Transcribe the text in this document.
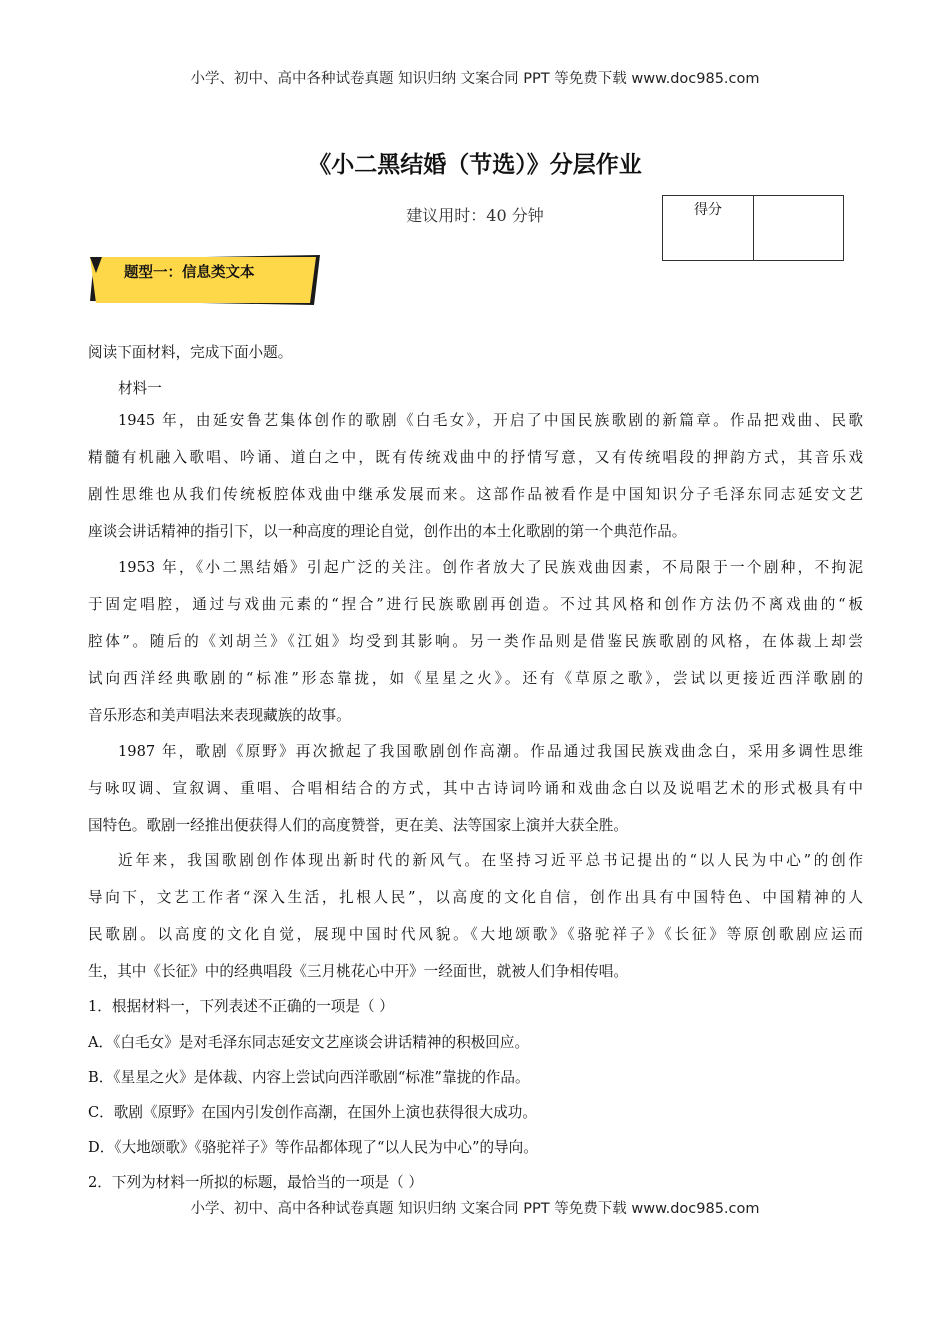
小学、初中、高中各种试卷真题 知识归纳 文案合同 PPT 等免费下载 www.doc985.com
《小二黑结婚（节选）》分层作业
建议用时：40 分钟	得分
题型一：信息类文本
阅读下面材料，完成下面小题。
材料一
1945 年，由延安鲁艺集体创作的歌剧《白毛女》，开启了中国民族歌剧的新篇章。作品把戏曲、民歌
精髓有机融入歌唱、吟诵、道白之中，既有传统戏曲中的抒情写意，又有传统唱段的押韵方式，其音乐戏
剧性思维也从我们传统板腔体戏曲中继承发展而来。这部作品被看作是中国知识分子毛泽东同志延安文艺
座谈会讲话精神的指引下，以一种高度的理论自觉，创作出的本土化歌剧的第一个典范作品。
1953 年，《小二黑结婚》引起广泛的关注。创作者放大了民族戏曲因素，不局限于一个剧种，不拘泥
于固定唱腔，通过与戏曲元素的“捏合”进行民族歌剧再创造。不过其风格和创作方法仍不离戏曲的“板
腔体”。随后的《刘胡兰》《江姐》均受到其影响。另一类作品则是借鉴民族歌剧的风格，在体裁上却尝
试向西洋经典歌剧的“标准”形态靠拢，如《星星之火》。还有《草原之歌》，尝试以更接近西洋歌剧的
音乐形态和美声唱法来表现藏族的故事。
1987 年，歌剧《原野》再次掀起了我国歌剧创作高潮。作品通过我国民族戏曲念白，采用多调性思维
与咏叹调、宣叙调、重唱、合唱相结合的方式，其中古诗词吟诵和戏曲念白以及说唱艺术的形式极具有中
国特色。歌剧一经推出便获得人们的高度赞誉，更在美、法等国家上演并大获全胜。
近年来，我国歌剧创作体现出新时代的新风气。在坚持习近平总书记提出的“以人民为中心”的创作
导向下，文艺工作者“深入生活，扎根人民”，以高度的文化自信，创作出具有中国特色、中国精神的人
民歌剧。以高度的文化自觉，展现中国时代风貌。《大地颂歌》《骆驼祥子》《长征》等原创歌剧应运而
生，其中《长征》中的经典唱段《三月桃花心中开》一经面世，就被人们争相传唱。
1．根据材料一，下列表述不正确的一项是（ ）
A．《白毛女》是对毛泽东同志延安文艺座谈会讲话精神的积极回应。
B．《星星之火》是体裁、内容上尝试向西洋歌剧“标准”靠拢的作品。
C．歌剧《原野》在国内引发创作高潮，在国外上演也获得很大成功。
D．《大地颂歌》《骆驼祥子》等作品都体现了“以人民为中心”的导向。
2．下列为材料一所拟的标题，最恰当的一项是（ ）
小学、初中、高中各种试卷真题 知识归纳 文案合同 PPT 等免费下载 www.doc985.com
